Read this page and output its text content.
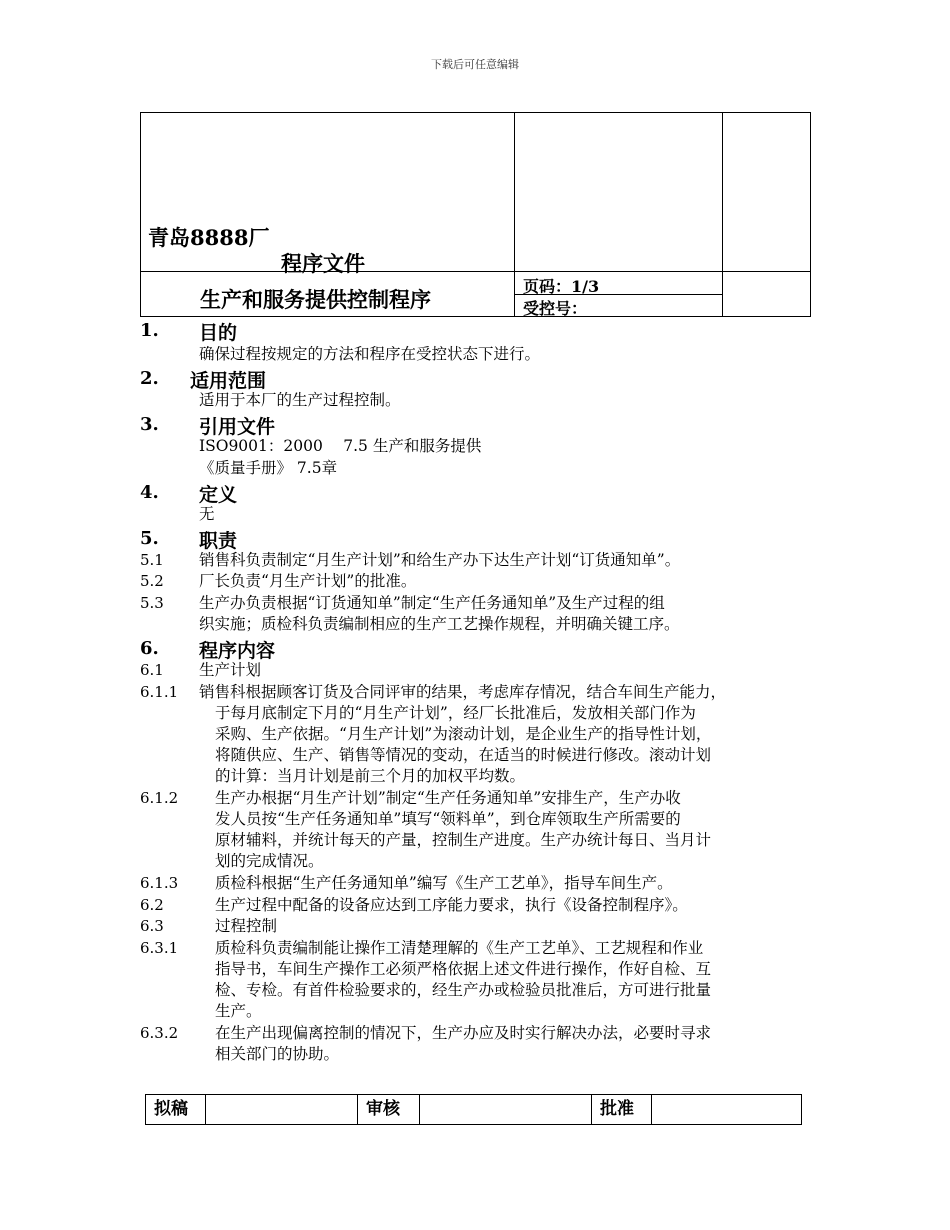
下载后可任意编辑
青岛8888厂
程序文件
生产和服务提供控制程序
页码：1/3
受控号：
1. 目的
确保过程按规定的方法和程序在受控状态下进行。
2. 适用范围
适用于本厂的生产过程控制。
3. 引用文件
ISO9001：2000　 7.5 生产和服务提供
《质量手册》 7.5章
4. 定义
无
5. 职责
5.1 销售科负责制定“月生产计划”和给生产办下达生产计划“订货通知单”。
5.2 厂长负责“月生产计划”的批准。
5.3 生产办负责根据“订货通知单”制定“生产任务通知单”及生产过程的组
织实施；质检科负责编制相应的生产工艺操作规程，并明确关键工序。
6. 程序内容
6.1 生产计划
6.1.1 销售科根据顾客订货及合同评审的结果，考虑库存情况，结合车间生产能力，
于每月底制定下月的“月生产计划”，经厂长批准后，发放相关部门作为
采购、生产依据。“月生产计划”为滚动计划，是企业生产的指导性计划，
将随供应、生产、销售等情况的变动，在适当的时候进行修改。滚动计划
的计算：当月计划是前三个月的加权平均数。
6.1.2 生产办根据“月生产计划”制定“生产任务通知单”安排生产，生产办收
发人员按“生产任务通知单”填写“领料单”，到仓库领取生产所需要的
原材辅料，并统计每天的产量，控制生产进度。生产办统计每日、当月计
划的完成情况。
6.1.3 质检科根据“生产任务通知单”编写《生产工艺单》，指导车间生产。
6.2	生产过程中配备的设备应达到工序能力要求，执行《设备控制程序》。
6.3	过程控制
6.3.1 质检科负责编制能让操作工清楚理解的《生产工艺单》、工艺规程和作业
指导书，车间生产操作工必须严格依据上述文件进行操作，作好自检、互
检、专检。有首件检验要求的，经生产办或检验员批准后，方可进行批量
生产。
6.3.2 在生产出现偏离控制的情况下，生产办应及时实行解决办法，必要时寻求
相关部门的协助。
拟稿	审核	批准
